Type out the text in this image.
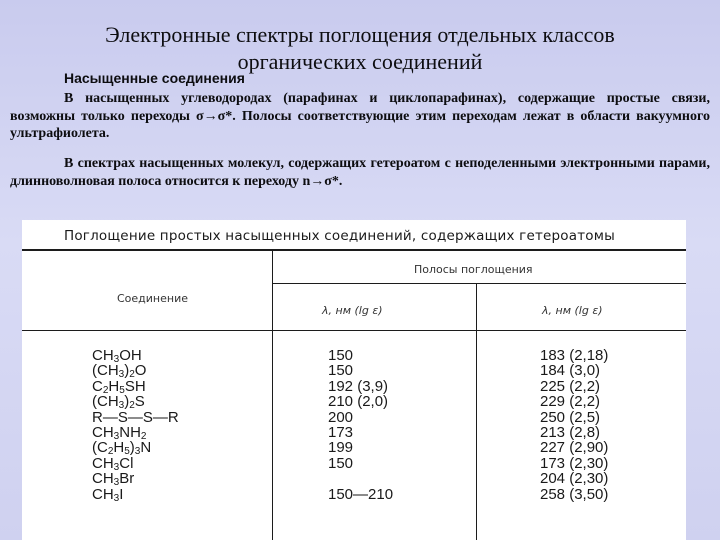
Электронные спектры поглощения отдельных классов
органических соединений
Насыщенные соединения

В насыщенных углеводородах (парафинах и циклопарафинах), содержащие простые связи, возможны только переходы σ→σ*. Полосы соответствующие этим переходам лежат в области вакуумного ультрафиолета.

В спектрах насыщенных молекул, содержащих гетероатом с неподеленными электронными парами, длинноволновая полоса относится к переходу n→σ*.

Поглощение простых насыщенных соединений, содержащих гетероатомы
Полосы поглощения
Соединение
λ, нм (lg ε)	λ, нм (lg ε)
$CH_3OH$
$(CH_3)_2O$
$C_2H_5SH$
$(CH_3)_2S$
R—S—S—R
$CH_3NH_2$
$(C_2H_5)_3N$
$CH_3Cl$
$CH_3Br$
$CH_3I$
150
150
192 (3,9)
210 (2,0)
200
173
199
150

150—210
183 (2,18)
184 (3,0)
225 (2,2)
229 (2,2)
250 (2,5)
213 (2,8)
227 (2,90)
173 (2,30)
204 (2,30)
258 (3,50)
